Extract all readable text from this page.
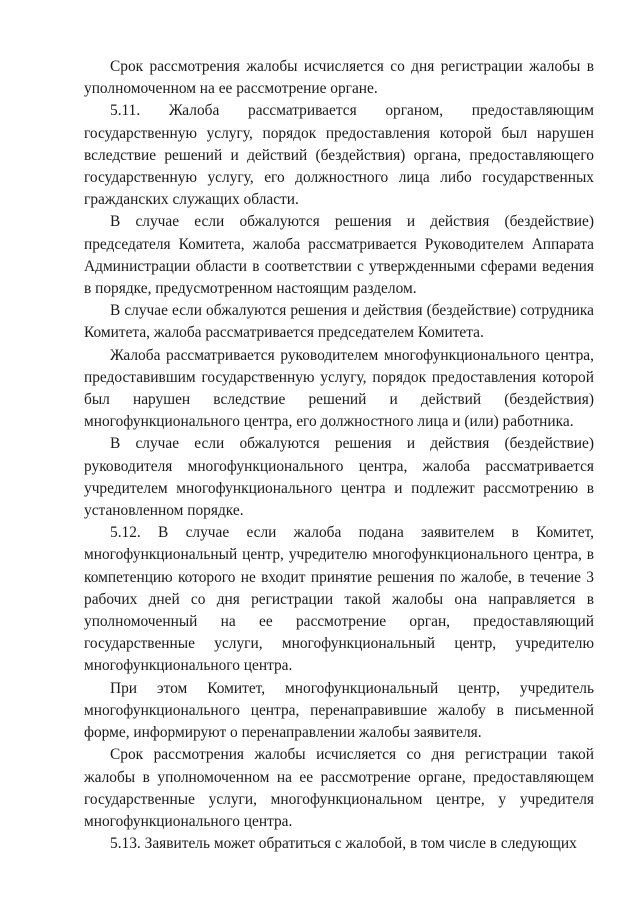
Срок рассмотрения жалобы исчисляется со дня регистрации жалобы в уполномоченном на ее рассмотрение органе.

5.11. Жалоба рассматривается органом, предоставляющим государственную услугу, порядок предоставления которой был нарушен вследствие решений и действий (бездействия) органа, предоставляющего государственную услугу, его должностного лица либо государственных гражданских служащих области.

В случае если обжалуются решения и действия (бездействие) председателя Комитета, жалоба рассматривается Руководителем Аппарата Администрации области в соответствии с утвержденными сферами ведения в порядке, предусмотренном настоящим разделом.

В случае если обжалуются решения и действия (бездействие) сотрудника Комитета, жалоба рассматривается председателем Комитета.

Жалоба рассматривается руководителем многофункционального центра, предоставившим государственную услугу, порядок предоставления которой был нарушен вследствие решений и действий (бездействия) многофункционального центра, его должностного лица и (или) работника.

В случае если обжалуются решения и действия (бездействие) руководителя многофункционального центра, жалоба рассматривается учредителем многофункционального центра и подлежит рассмотрению в установленном порядке.

5.12. В случае если жалоба подана заявителем в Комитет, многофункциональный центр, учредителю многофункционального центра, в компетенцию которого не входит принятие решения по жалобе, в течение 3 рабочих дней со дня регистрации такой жалобы она направляется в уполномоченный на ее рассмотрение орган, предоставляющий государственные услуги, многофункциональный центр, учредителю многофункционального центра.

При этом Комитет, многофункциональный центр, учредитель многофункционального центра, перенаправившие жалобу в письменной форме, информируют о перенаправлении жалобы заявителя.

Срок рассмотрения жалобы исчисляется со дня регистрации такой жалобы в уполномоченном на ее рассмотрение органе, предоставляющем государственные услуги, многофункциональном центре, у учредителя многофункционального центра.

5.13. Заявитель может обратиться с жалобой, в том числе в следующих
